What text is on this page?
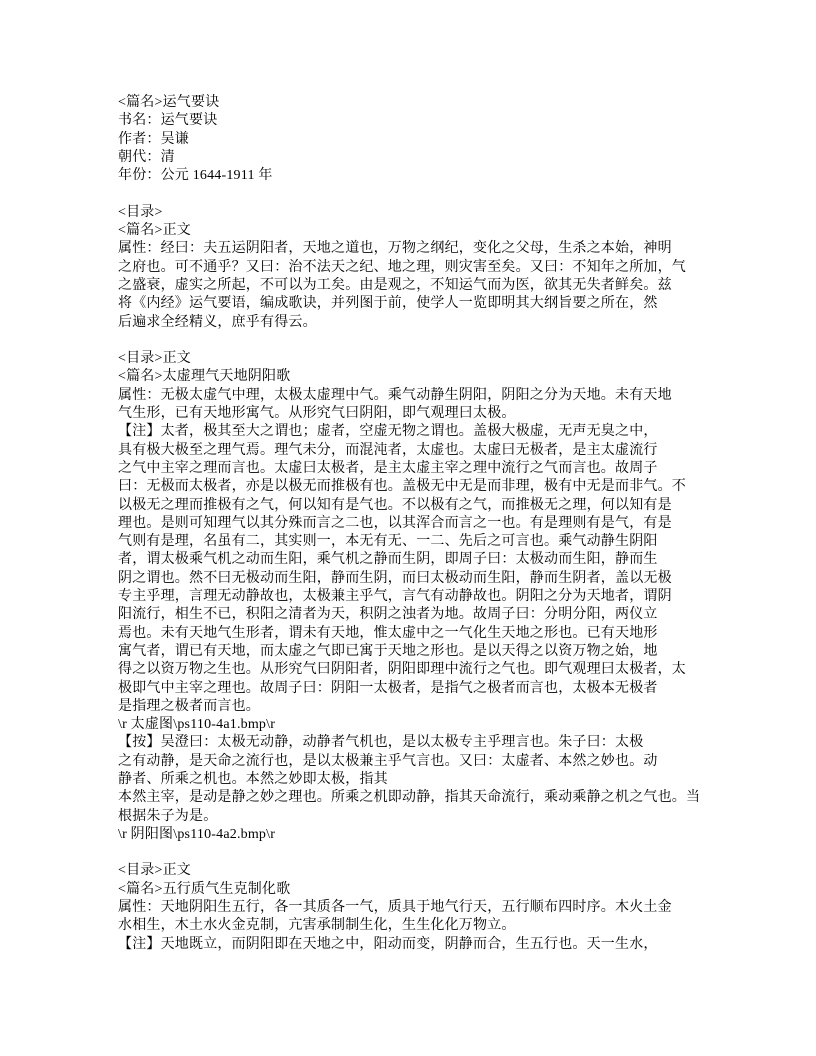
<篇名>运气要诀
书名：运气要诀
作者：吴谦
朝代：清
年份：公元 1644-1911 年
<目录>
<篇名>正文
属性：经曰：夫五运阴阳者，天地之道也，万物之纲纪，变化之父母，生杀之本始，神明
之府也。可不通乎？又曰：治不法天之纪、地之理，则灾害至矣。又曰：不知年之所加，气
之盛衰，虚实之所起，不可以为工矣。由是观之，不知运气而为医，欲其无失者鲜矣。兹
将《内经》运气要语，编成歌诀，并列图于前，使学人一览即明其大纲旨要之所在，然
后遍求全经精义，庶乎有得云。
<目录>正文
<篇名>太虚理气天地阴阳歌
属性：无极太虚气中理，太极太虚理中气。乘气动静生阴阳，阴阳之分为天地。未有天地
气生形，已有天地形寓气。从形究气曰阴阳，即气观理曰太极。
【注】太者，极其至大之谓也；虚者，空虚无物之谓也。盖极大极虚，无声无臭之中，
具有极大极至之理气焉。理气未分，而混沌者，太虚也。太虚曰无极者，是主太虚流行
之气中主宰之理而言也。太虚曰太极者，是主太虚主宰之理中流行之气而言也。故周子
曰：无极而太极者，亦是以极无而推极有也。盖极无中无是而非理，极有中无是而非气。不
以极无之理而推极有之气，何以知有是气也。不以极有之气，而推极无之理，何以知有是
理也。是则可知理气以其分殊而言之二也，以其浑合而言之一也。有是理则有是气，有是
气则有是理，名虽有二，其实则一，本无有无、一二、先后之可言也。乘气动静生阴阳
者，谓太极乘气机之动而生阳，乘气机之静而生阴，即周子曰：太极动而生阳，静而生
阴之谓也。然不曰无极动而生阳，静而生阴，而曰太极动而生阳，静而生阴者，盖以无极
专主乎理，言理无动静故也，太极兼主乎气，言气有动静故也。阴阳之分为天地者，谓阴
阳流行，相生不已，积阳之清者为天，积阴之浊者为地。故周子曰：分明分阳，两仪立
焉也。未有天地气生形者，谓未有天地，惟太虚中之一气化生天地之形也。已有天地形
寓气者，谓已有天地，而太虚之气即已寓于天地之形也。是以天得之以资万物之始，地
得之以资万物之生也。从形究气曰阴阳者，阴阳即理中流行之气也。即气观理曰太极者，太
极即气中主宰之理也。故周子曰：阴阳一太极者，是指气之极者而言也，太极本无极者
是指理之极者而言也。
\r 太虚图\ps110-4a1.bmp\r
【按】吴澄曰：太极无动静，动静者气机也，是以太极专主乎理言也。朱子曰：太极
之有动静，是天命之流行也，是以太极兼主乎气言也。又曰：太虚者、本然之妙也。动
静者、所乘之机也。本然之妙即太极，指其
本然主宰，是动是静之妙之理也。所乘之机即动静，指其天命流行，乘动乘静之机之气也。当
根据朱子为是。
\r 阴阳图\ps110-4a2.bmp\r
<目录>正文
<篇名>五行质气生克制化歌
属性：天地阴阳生五行，各一其质各一气，质具于地气行天，五行顺布四时序。木火土金
水相生，木土水火金克制，亢害承制制生化，生生化化万物立。
【注】天地既立，而阴阳即在天地之中，阳动而变，阴静而合，生五行也。天一生水，
